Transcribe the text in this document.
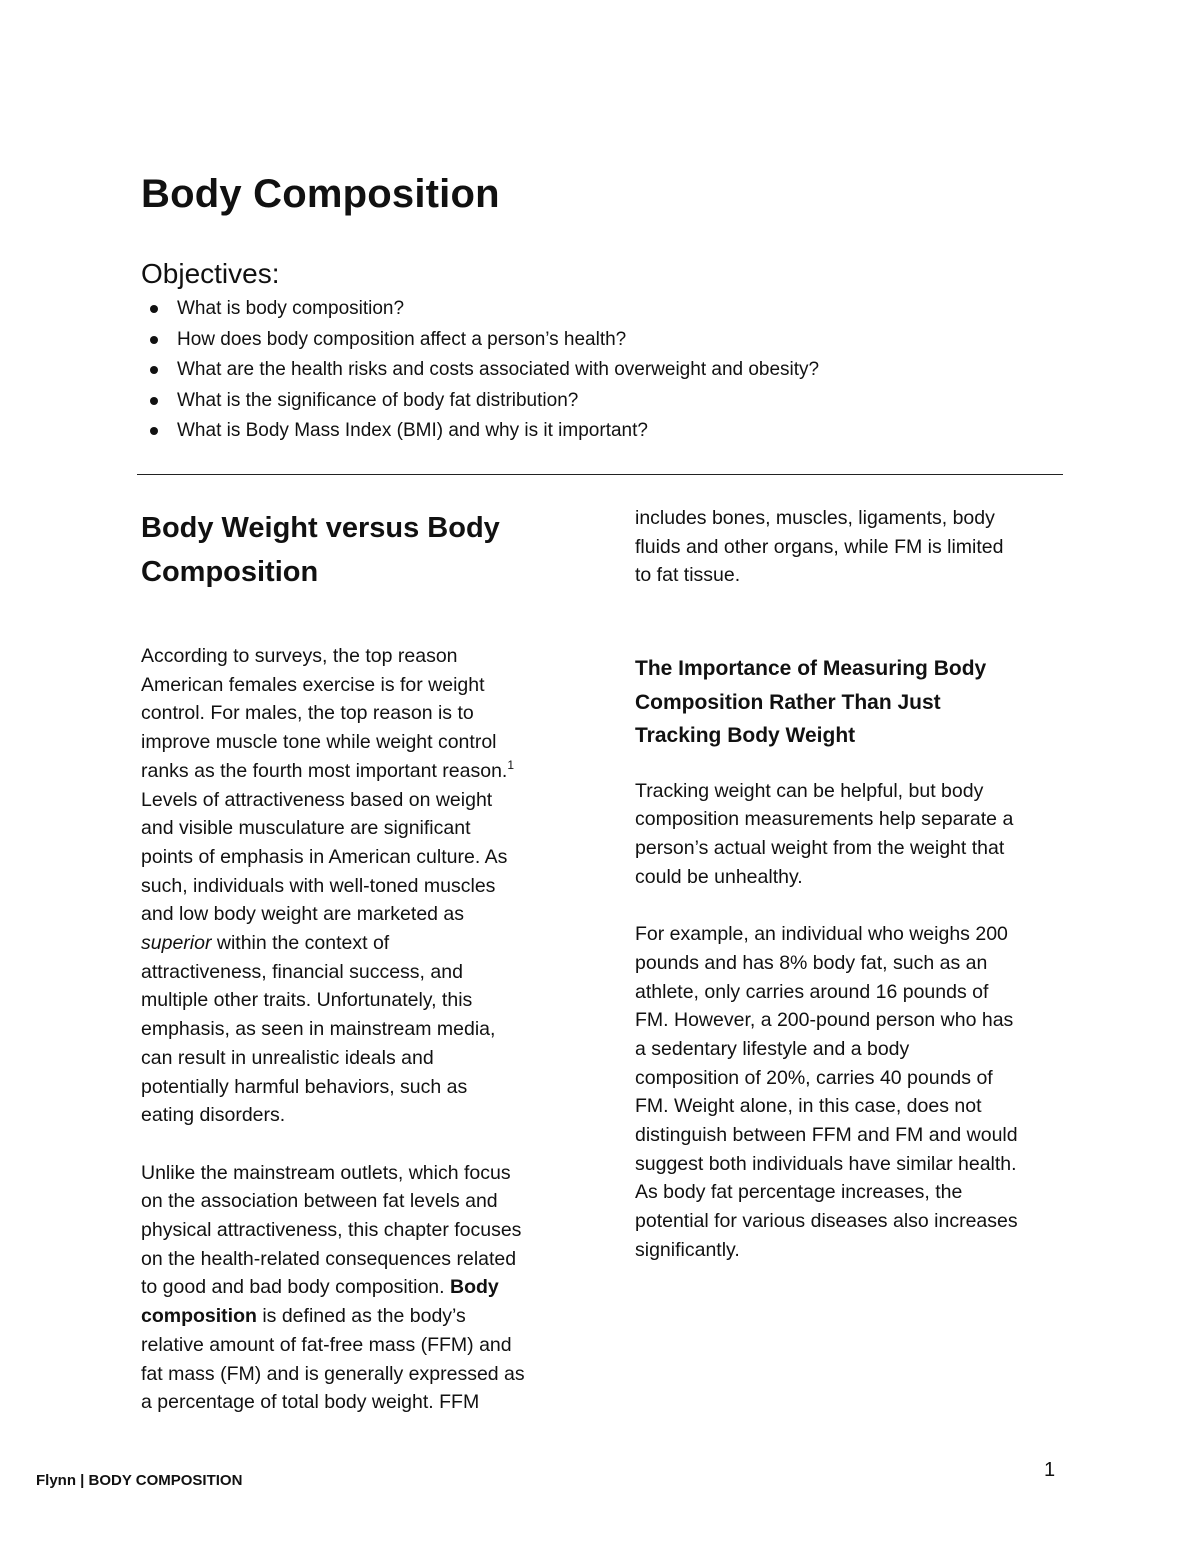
Body Composition
Objectives:
What is body composition?
How does body composition affect a person’s health?
What are the health risks and costs associated with overweight and obesity?
What is the significance of body fat distribution?
What is Body Mass Index (BMI) and why is it important?
Body Weight versus Body
Composition

According to surveys, the top reason
American females exercise is for weight
control. For males, the top reason is to
improve muscle tone while weight control
ranks as the fourth most important reason.$^1$
Levels of attractiveness based on weight
and visible musculature are significant
points of emphasis in American culture. As
such, individuals with well-toned muscles
and low body weight are marketed as
superior within the context of
attractiveness, financial success, and
multiple other traits. Unfortunately, this
emphasis, as seen in mainstream media,
can result in unrealistic ideals and
potentially harmful behaviors, such as
eating disorders.

Unlike the mainstream outlets, which focus
on the association between fat levels and
physical attractiveness, this chapter focuses
on the health-related consequences related
to good and bad body composition. Body
composition is defined as the body’s
relative amount of fat-free mass (FFM) and
fat mass (FM) and is generally expressed as
a percentage of total body weight. FFM

includes bones, muscles, ligaments, body
fluids and other organs, while FM is limited
to fat tissue.

The Importance of Measuring Body
Composition Rather Than Just
Tracking Body Weight

Tracking weight can be helpful, but body
composition measurements help separate a
person’s actual weight from the weight that
could be unhealthy.

For example, an individual who weighs 200
pounds and has 8% body fat, such as an
athlete, only carries around 16 pounds of
FM. However, a 200-pound person who has
a sedentary lifestyle and a body
composition of 20%, carries 40 pounds of
FM. Weight alone, in this case, does not
distinguish between FFM and FM and would
suggest both individuals have similar health.
As body fat percentage increases, the
potential for various diseases also increases
significantly.

Flynn | BODY COMPOSITION	1
